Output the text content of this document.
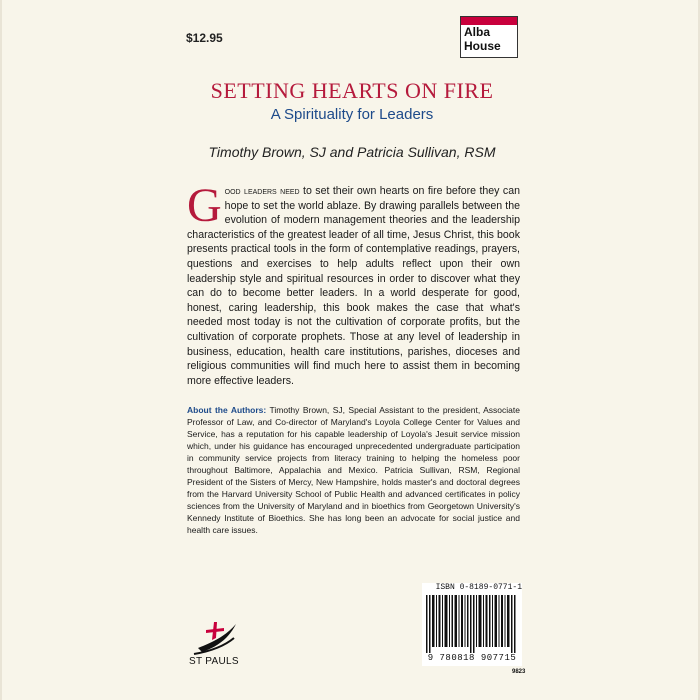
$12.95	Alba
House
SETTING HEARTS ON FIRE
A Spirituality for Leaders
Timothy Brown, SJ and Patricia Sullivan, RSM

Good leaders need to set their own hearts on fire before they can hope to set the world ablaze. By drawing parallels between the evolution of modern management theories and the leadership characteristics of the greatest leader of all time, Jesus Christ, this book presents practical tools in the form of contemplative readings, prayers, questions and exercises to help adults reflect upon their own leadership style and spiritual resources in order to discover what they can do to become better leaders. In a world desperate for good, honest, caring leadership, this book makes the case that what's needed most today is not the cultivation of corporate profits, but the cultivation of corporate prophets. Those at any level of leadership in business, education, health care institutions, parishes, dioceses and religious communities will find much here to assist them in becoming more effective leaders.

About the Authors: Timothy Brown, SJ, Special Assistant to the president, Associate Professor of Law, and Co-director of Maryland's Loyola College Center for Values and Service, has a reputation for his capable leadership of Loyola's Jesuit service mission which, under his guidance has encouraged unprecedented undergraduate participation in community service projects from literacy training to helping the homeless poor throughout Baltimore, Appalachia and Mexico. Patricia Sullivan, RSM, Regional President of the Sisters of Mercy, New Hampshire, holds master's and doctoral degrees from the Harvard University School of Public Health and advanced certificates in policy sciences from the University of Maryland and in bioethics from Georgetown University's Kennedy Institute of Bioethics. She has long been an advocate for social justice and health care issues.

ST PAULS
ISBN 0-8189-0771-1
9 780818 907715
9823
